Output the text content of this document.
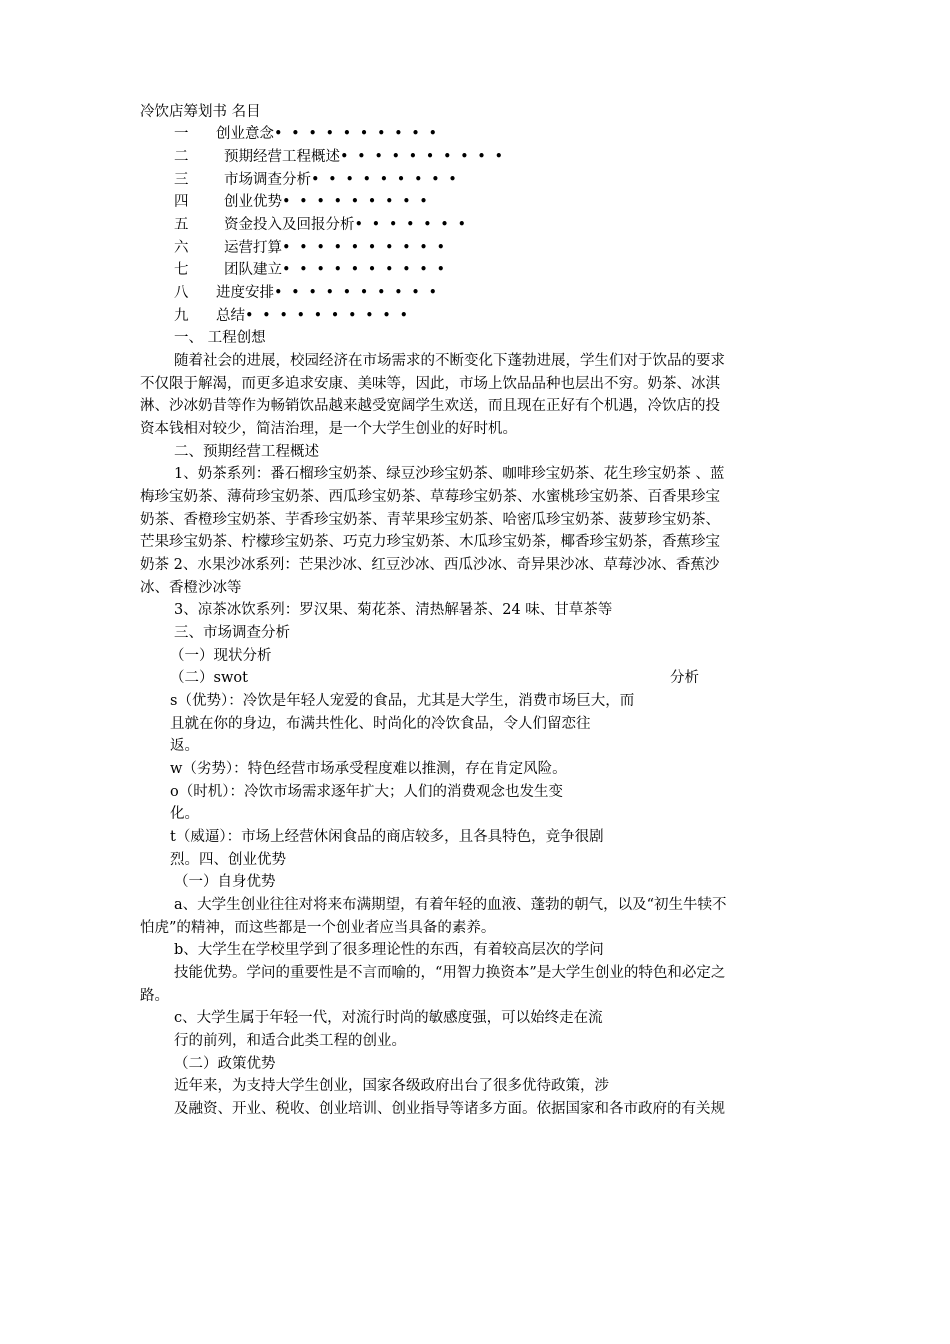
冷饮店筹划书 名目
一 创业意念• • • • • • • • • •
二 预期经营工程概述• • • • • • • • • •
三 市场调查分析• • • • • • • • •
四 创业优势• • • • • • • • •
五 资金投入及回报分析• • • • • • •
六 运营打算• • • • • • • • • •
七 团队建立• • • • • • • • • •
八 进度安排• • • • • • • • • •
九 总结• • • • • • • • • •
一、 工程创想
随着社会的进展，校园经济在市场需求的不断变化下蓬勃进展，学生们对于饮品的要求
不仅限于解渴，而更多追求安康、美味等，因此，市场上饮品品种也层出不穷。奶茶、冰淇
淋、沙冰奶昔等作为畅销饮品越来越受宽阔学生欢送，而且现在正好有个机遇，冷饮店的投
资本钱相对较少，简洁治理，是一个大学生创业的好时机。
二、预期经营工程概述
1、奶茶系列：番石榴珍宝奶茶、绿豆沙珍宝奶茶、咖啡珍宝奶茶、花生珍宝奶茶 、蓝
梅珍宝奶茶、薄荷珍宝奶茶、西瓜珍宝奶茶、草莓珍宝奶茶、水蜜桃珍宝奶茶、百香果珍宝
奶茶、香橙珍宝奶茶、芋香珍宝奶茶、青苹果珍宝奶茶、哈密瓜珍宝奶茶、菠萝珍宝奶茶、
芒果珍宝奶茶、柠檬珍宝奶茶、巧克力珍宝奶茶、木瓜珍宝奶茶，椰香珍宝奶茶，香蕉珍宝
奶茶 2、水果沙冰系列：芒果沙冰、红豆沙冰、西瓜沙冰、奇异果沙冰、草莓沙冰、香蕉沙
冰、香橙沙冰等
3、凉茶冰饮系列：罗汉果、菊花茶、清热解暑茶、24 味、甘草茶等
三、市场调查分析
（一）现状分析
（二）swot	分析
s（优势）：冷饮是年轻人宠爱的食品，尤其是大学生，消费市场巨大，而
且就在你的身边，布满共性化、时尚化的冷饮食品，令人们留恋往
返。
w（劣势）：特色经营市场承受程度难以推测，存在肯定风险。
o（时机）：冷饮市场需求逐年扩大；人们的消费观念也发生变
化。
t（威逼）：市场上经营休闲食品的商店较多，且各具特色，竞争很剧
烈。四、创业优势
（一）自身优势
a、大学生创业往往对将来布满期望，有着年轻的血液、蓬勃的朝气，以及“初生牛犊不
怕虎”的精神，而这些都是一个创业者应当具备的素养。
b、大学生在学校里学到了很多理论性的东西，有着较高层次的学问
技能优势。学问的重要性是不言而喻的，“用智力换资本”是大学生创业的特色和必定之
路。
c、大学生属于年轻一代，对流行时尚的敏感度强，可以始终走在流
行的前列，和适合此类工程的创业。
（二）政策优势
近年来，为支持大学生创业，国家各级政府出台了很多优待政策，涉
及融资、开业、税收、创业培训、创业指导等诸多方面。依据国家和各市政府的有关规
